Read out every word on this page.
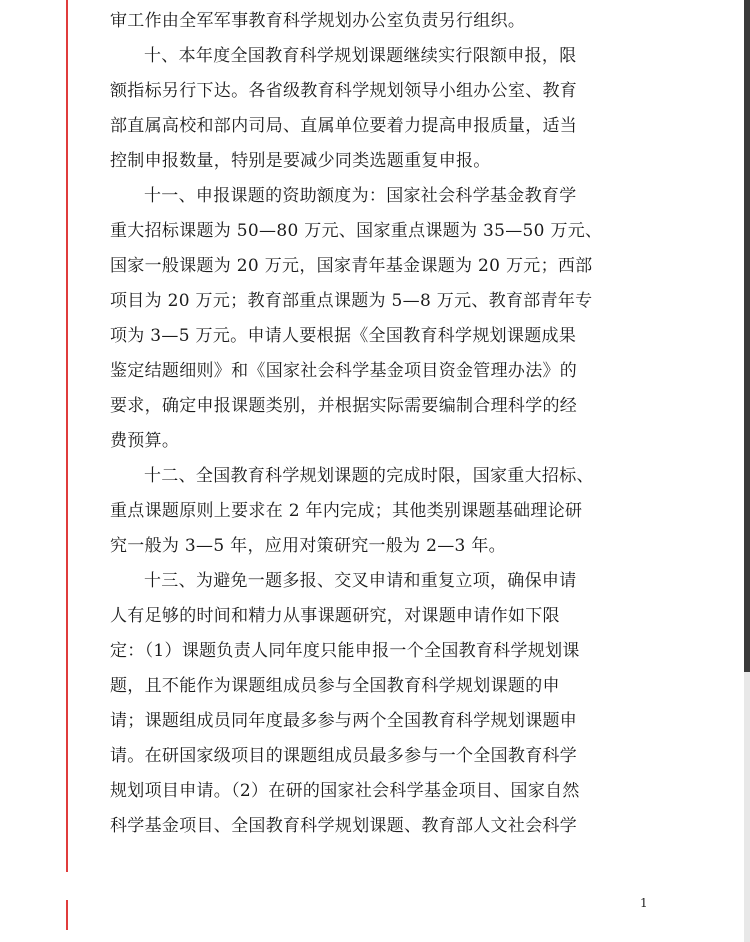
审工作由全军军事教育科学规划办公室负责另行组织。
十、本年度全国教育科学规划课题继续实行限额申报，限
额指标另行下达。各省级教育科学规划领导小组办公室、教育
部直属高校和部内司局、直属单位要着力提高申报质量，适当
控制申报数量，特别是要减少同类选题重复申报。
十一、申报课题的资助额度为：国家社会科学基金教育学
重大招标课题为 50—80 万元、国家重点课题为 35—50 万元、
国家一般课题为 20 万元，国家青年基金课题为 20 万元；西部
项目为 20 万元；教育部重点课题为 5—8 万元、教育部青年专
项为 3—5 万元。申请人要根据《全国教育科学规划课题成果
鉴定结题细则》和《国家社会科学基金项目资金管理办法》的
要求，确定申报课题类别，并根据实际需要编制合理科学的经
费预算。
十二、全国教育科学规划课题的完成时限，国家重大招标、
重点课题原则上要求在 2 年内完成；其他类别课题基础理论研
究一般为 3—5 年，应用对策研究一般为 2—3 年。
十三、为避免一题多报、交叉申请和重复立项，确保申请
人有足够的时间和精力从事课题研究，对课题申请作如下限
定：（1）课题负责人同年度只能申报一个全国教育科学规划课
题，且不能作为课题组成员参与全国教育科学规划课题的申
请；课题组成员同年度最多参与两个全国教育科学规划课题申
请。在研国家级项目的课题组成员最多参与一个全国教育科学
规划项目申请。（2）在研的国家社会科学基金项目、国家自然
科学基金项目、全国教育科学规划课题、教育部人文社会科学
1
